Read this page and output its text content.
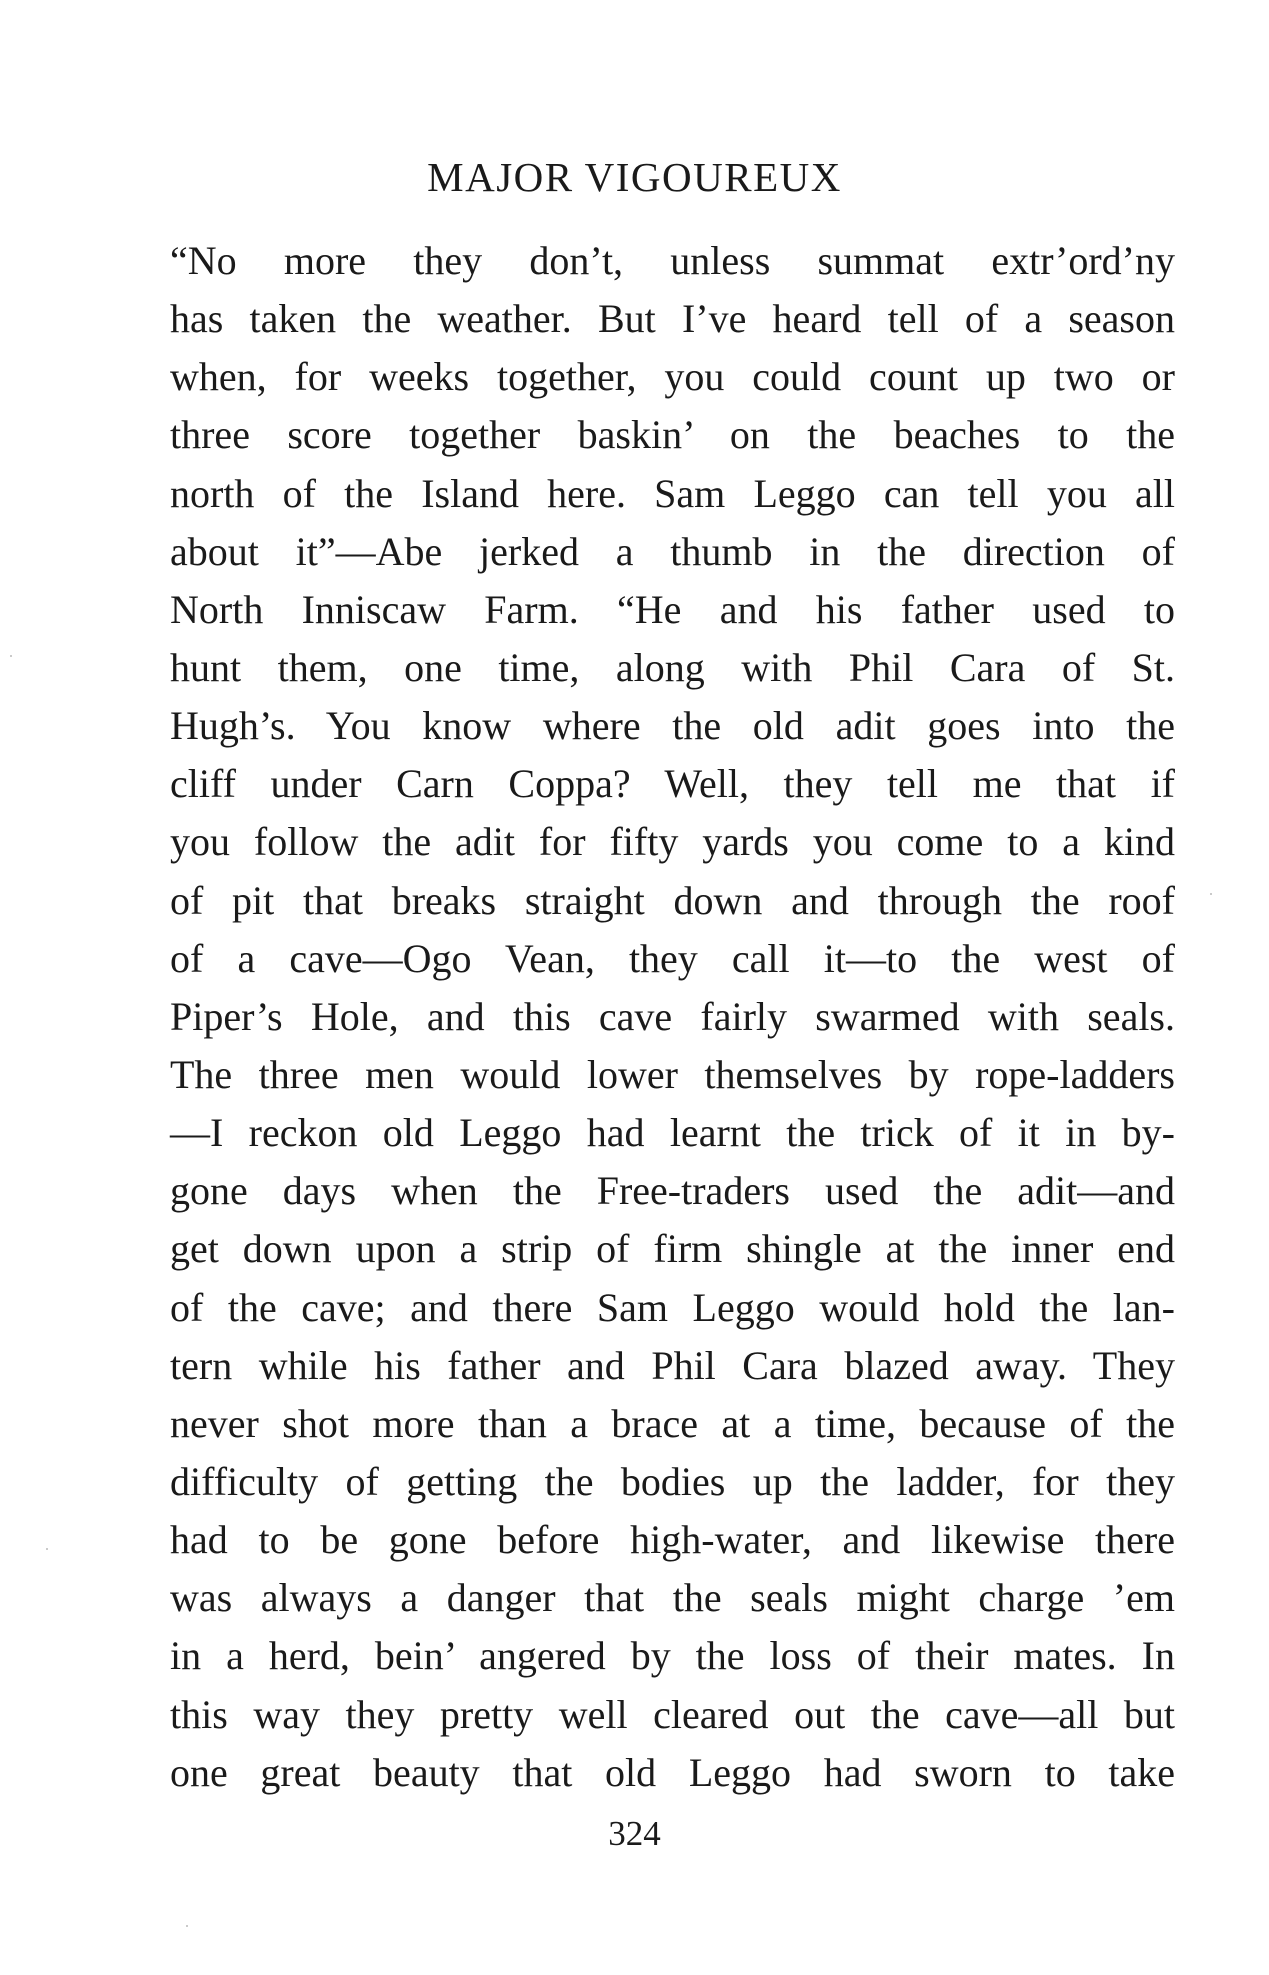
MAJOR VIGOUREUX
“No more they don’t, unless summat extr’ord’ny
has taken the weather. But I’ve heard tell of a season
when, for weeks together, you could count up two or
three score together baskin’ on the beaches to the
north of the Island here. Sam Leggo can tell you all
about it”—Abe jerked a thumb in the direction of
North Inniscaw Farm. “He and his father used to
hunt them, one time, along with Phil Cara of St.
Hugh’s. You know where the old adit goes into the
cliff under Carn Coppa? Well, they tell me that if
you follow the adit for fifty yards you come to a kind
of pit that breaks straight down and through the roof
of a cave—Ogo Vean, they call it—to the west of
Piper’s Hole, and this cave fairly swarmed with seals.
The three men would lower themselves by rope-ladders
—I reckon old Leggo had learnt the trick of it in by-
gone days when the Free-traders used the adit—and
get down upon a strip of firm shingle at the inner end
of the cave; and there Sam Leggo would hold the lan-
tern while his father and Phil Cara blazed away. They
never shot more than a brace at a time, because of the
difficulty of getting the bodies up the ladder, for they
had to be gone before high-water, and likewise there
was always a danger that the seals might charge ’em
in a herd, bein’ angered by the loss of their mates. In
this way they pretty well cleared out the cave—all but
one great beauty that old Leggo had sworn to take
324
